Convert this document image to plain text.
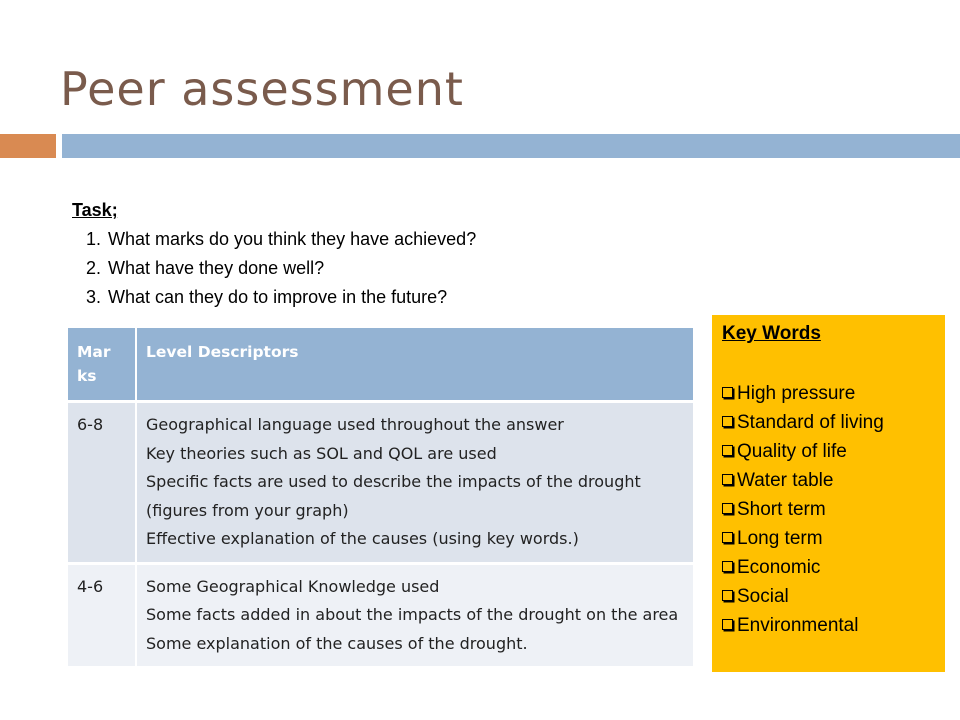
Peer assessment
Task;
1. What marks do you think they have achieved?
2. What have they done well?
3. What can they do to improve in the future?
Mar ks	Level Descriptors
6-8	Geographical language used throughout the answer
Key theories such as SOL and QOL are used
Specific facts are used to describe the impacts of the drought (figures from your graph)
Effective explanation of the causes (using key words.)

4-6	Some Geographical Knowledge used
Some facts added in about the impacts of the drought on the area
Some explanation of the causes of the drought.
Key Words
High pressure
Standard of living
Quality of life
Water table
Short term
Long term
Economic
Social
Environmental
